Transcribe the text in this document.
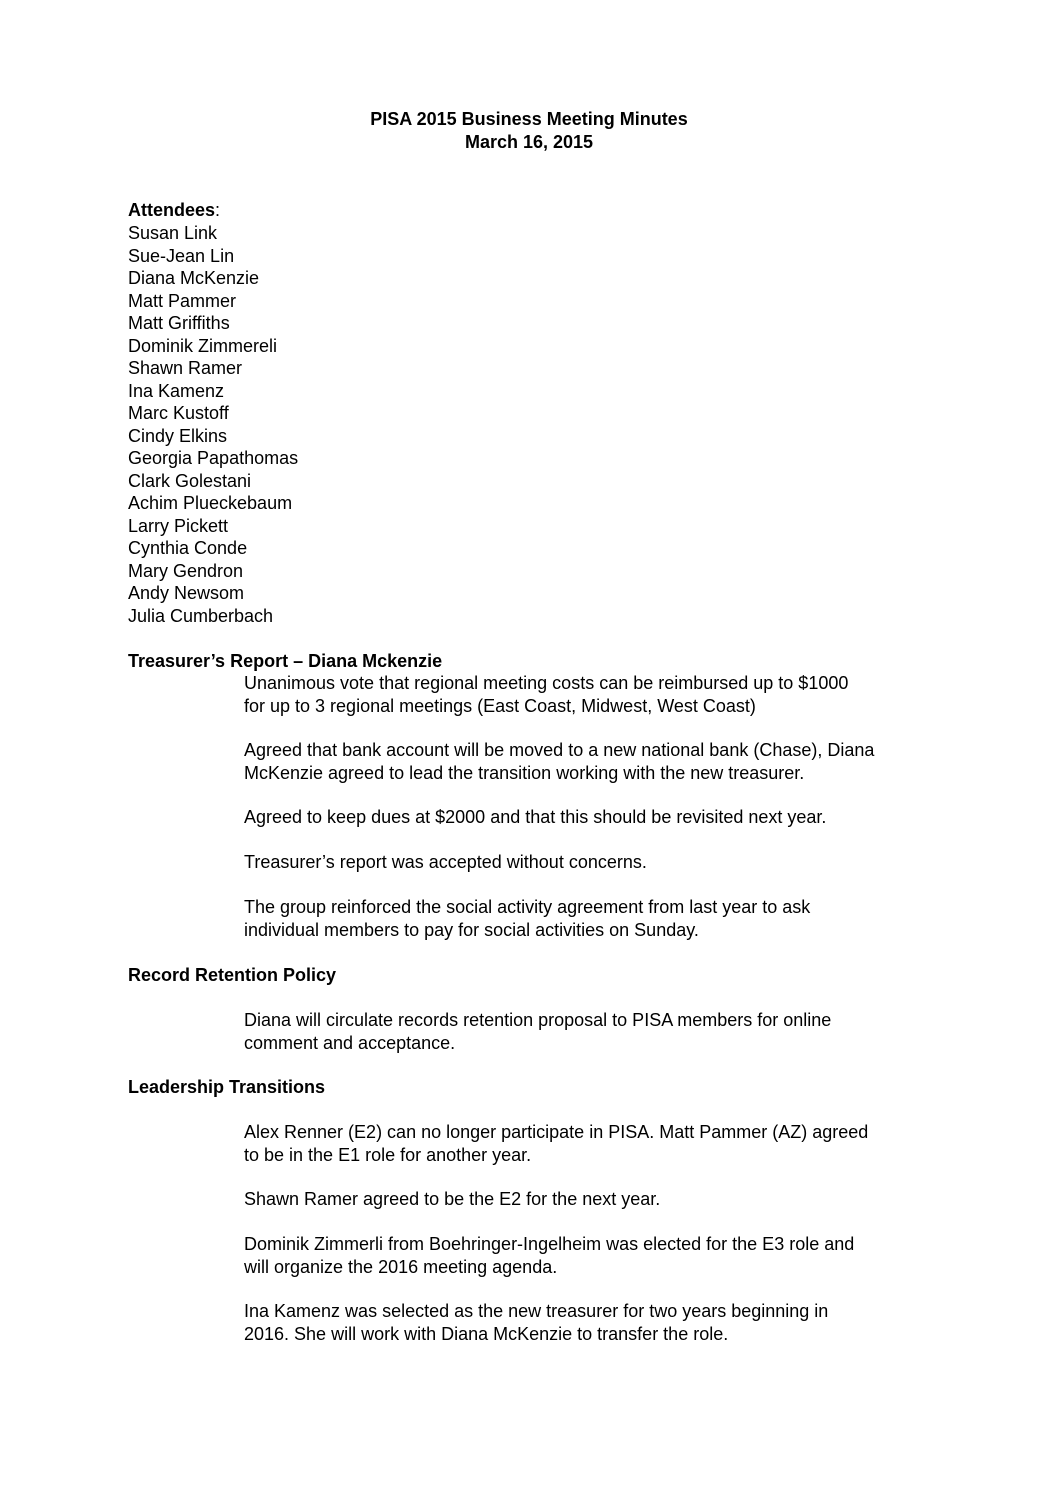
PISA 2015 Business Meeting Minutes
March 16, 2015
Attendees:
Susan Link
Sue-Jean Lin
Diana McKenzie
Matt Pammer
Matt Griffiths
Dominik Zimmereli
Shawn Ramer
Ina Kamenz
Marc Kustoff
Cindy Elkins
Georgia Papathomas
Clark Golestani
Achim Plueckebaum
Larry Pickett
Cynthia Conde
Mary Gendron
Andy Newsom
Julia Cumberbach
Treasurer’s Report – Diana Mckenzie

Unanimous vote that regional meeting costs can be reimbursed up to $1000
for up to 3 regional meetings (East Coast, Midwest, West Coast)

Agreed that bank account will be moved to a new national bank (Chase), Diana
McKenzie agreed to lead the transition working with the new treasurer.

Agreed to keep dues at $2000 and that this should be revisited next year.

Treasurer’s report was accepted without concerns.

The group reinforced the social activity agreement from last year to ask
individual members to pay for social activities on Sunday.

Record Retention Policy

Diana will circulate records retention proposal to PISA members for online
comment and acceptance.

Leadership Transitions

Alex Renner (E2) can no longer participate in PISA. Matt Pammer (AZ) agreed
to be in the E1 role for another year.

Shawn Ramer agreed to be the E2 for the next year.

Dominik Zimmerli from Boehringer-Ingelheim was elected for the E3 role and
will organize the 2016 meeting agenda.

Ina Kamenz was selected as the new treasurer for two years beginning in
2016. She will work with Diana McKenzie to transfer the role.
